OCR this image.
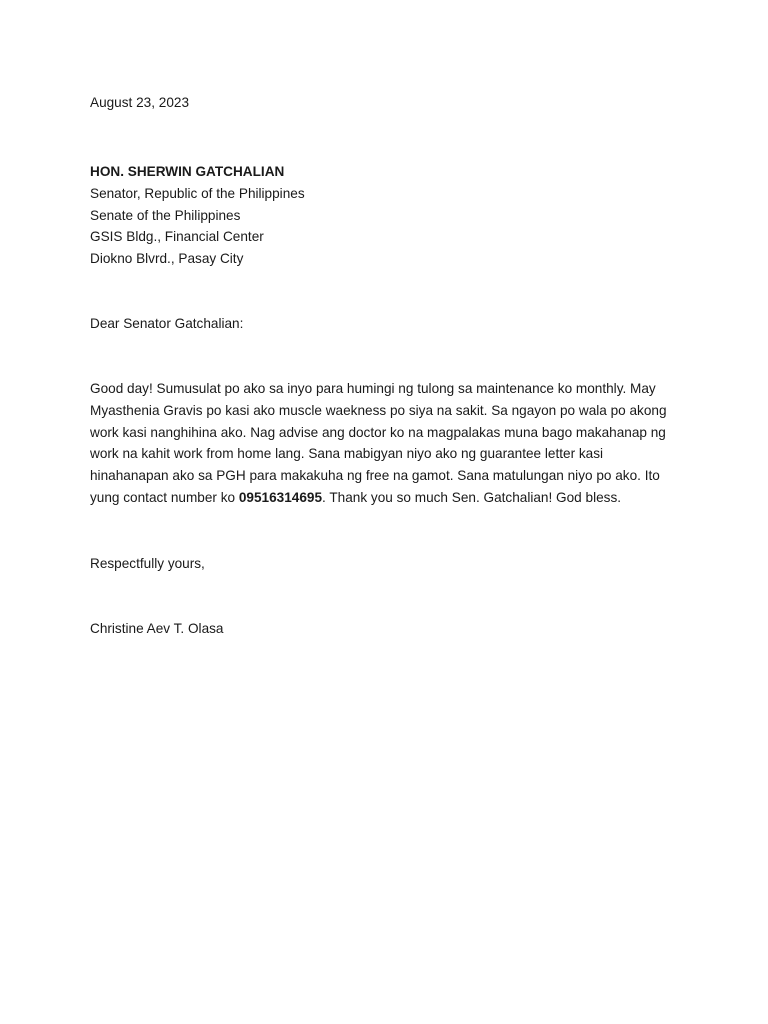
August 23, 2023
HON. SHERWIN GATCHALIAN
Senator, Republic of the Philippines
Senate of the Philippines
GSIS Bldg., Financial Center
Diokno Blvrd., Pasay City
Dear Senator Gatchalian:
Good day! Sumusulat po ako sa inyo para humingi ng tulong sa maintenance ko monthly. May
Myasthenia Gravis po kasi ako muscle waekness po siya na sakit. Sa ngayon po wala po akong
work kasi nanghihina ako. Nag advise ang doctor ko na magpalakas muna bago makahanap ng
work na kahit work from home lang. Sana mabigyan niyo ako ng guarantee letter kasi
hinahanapan ako sa PGH para makakuha ng free na gamot. Sana matulungan niyo po ako. Ito
yung contact number ko 09516314695. Thank you so much Sen. Gatchalian! God bless.
Respectfully yours,
Christine Aev T. Olasa
